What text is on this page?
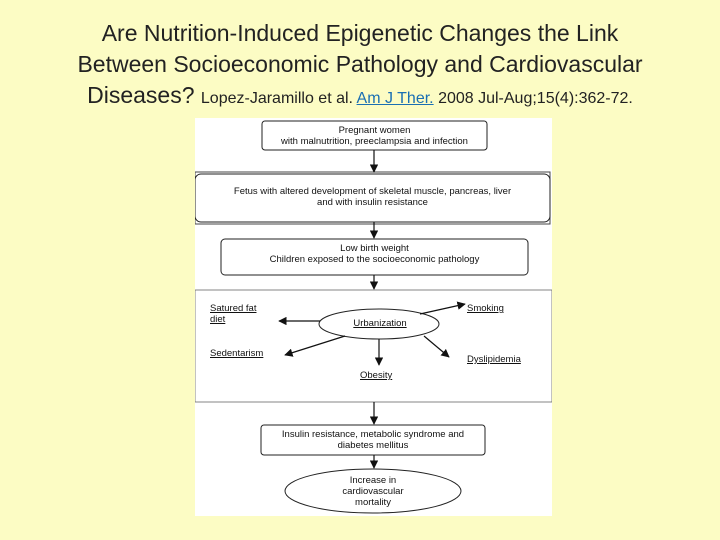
Are Nutrition-Induced Epigenetic Changes the Link
Between Socioeconomic Pathology and Cardiovascular
Diseases? Lopez-Jaramillo et al. Am J Ther. 2008 Jul-Aug;15(4):362-72.
Pregnant women
with malnutrition, preeclampsia and infection
Fetus with altered development of skeletal muscle, pancreas, liver
and with insulin resistance
Low birth weight
Children exposed to the socioeconomic pathology
Urbanization
Satured fat
diet
Smoking
Sedentarism
Dyslipidemia
Obesity
Insulin resistance, metabolic syndrome and
diabetes mellitus
Increase in
cardiovascular
mortality
